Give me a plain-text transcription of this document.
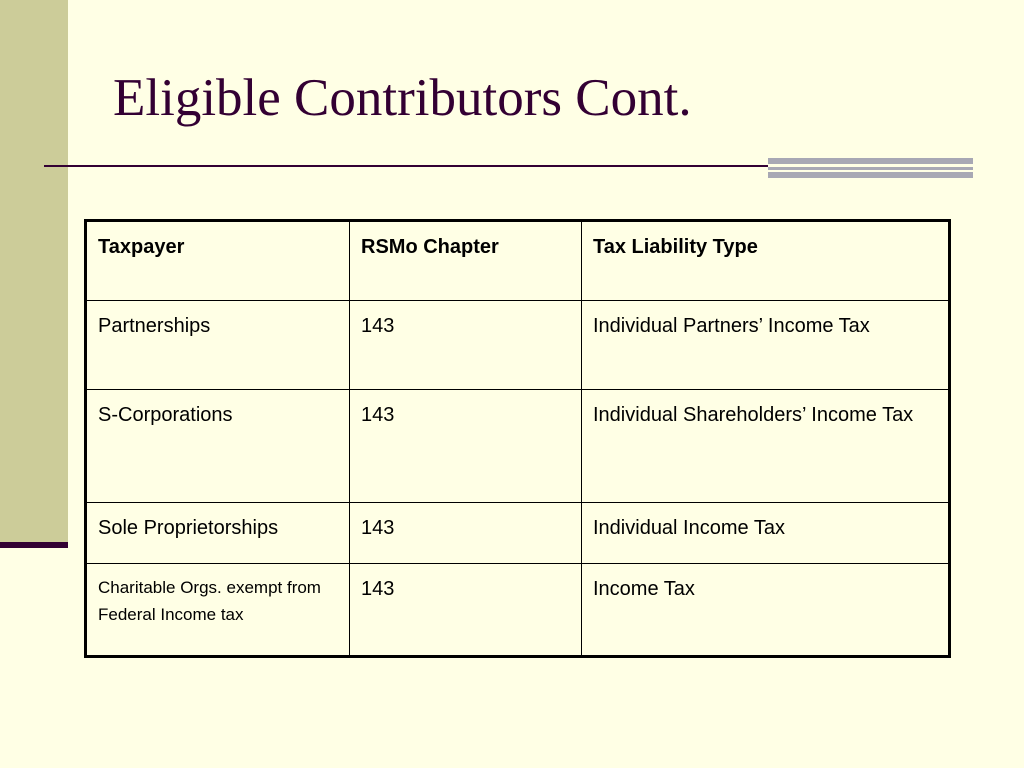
Eligible Contributors Cont.
Taxpayer	RSMo Chapter	Tax Liability Type
Partnerships	143	Individual Partners’ Income Tax
S-Corporations	143	Individual Shareholders’ Income Tax
Sole Proprietorships	143	Individual Income Tax
Charitable Orgs. exempt from Federal Income tax	143	Income Tax
